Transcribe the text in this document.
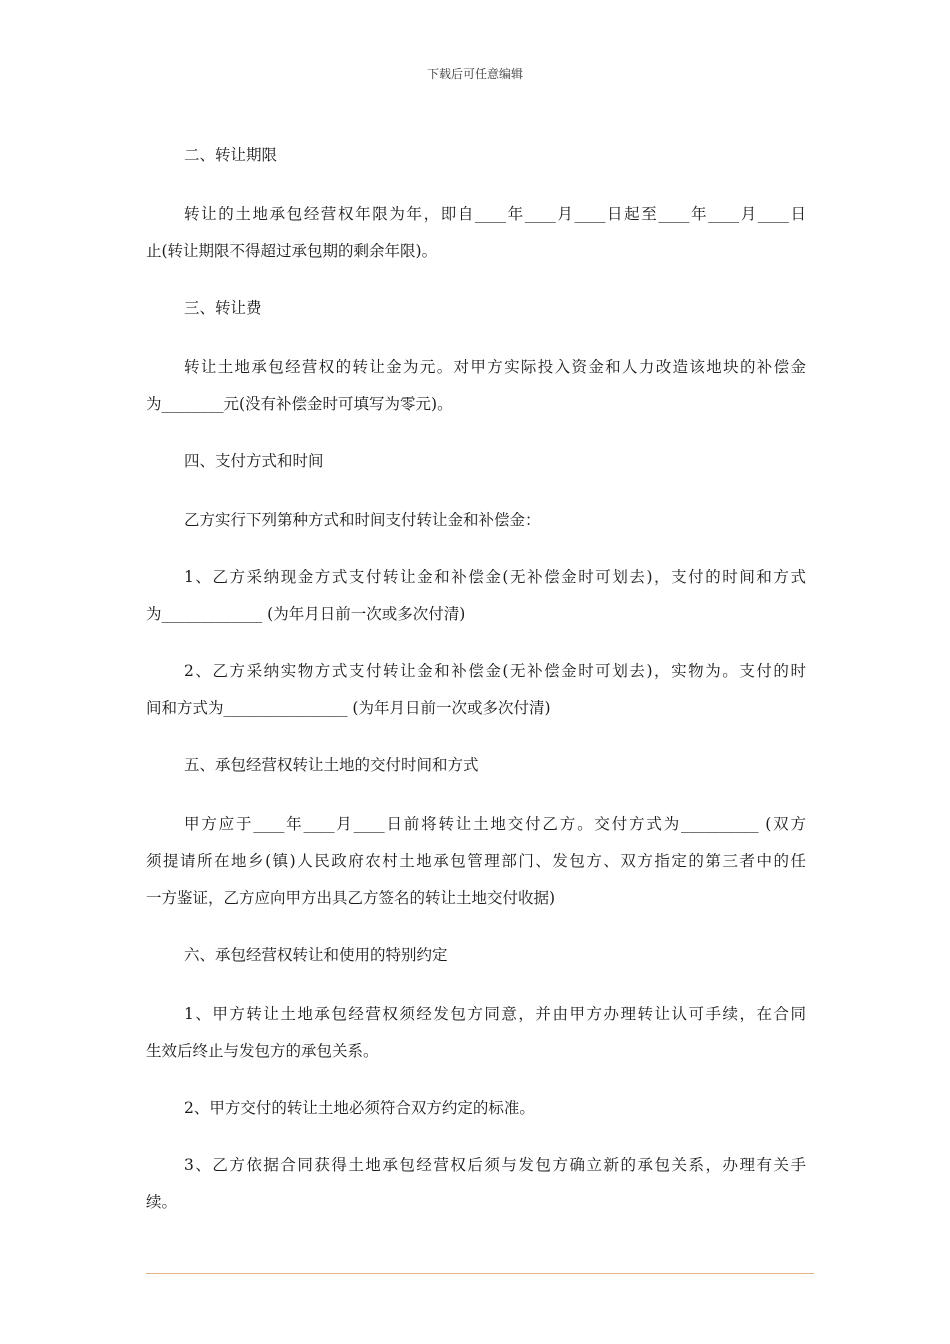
下载后可任意编辑
二、转让期限
转让的土地承包经营权年限为年，即自____年____月____日起至____年____月____日
止(转让期限不得超过承包期的剩余年限)。
三、转让费
转让土地承包经营权的转让金为元。对甲方实际投入资金和人力改造该地块的补偿金
为________元(没有补偿金时可填写为零元)。
四、支付方式和时间
乙方实行下列第种方式和时间支付转让金和补偿金：
1、乙方采纳现金方式支付转让金和补偿金(无补偿金时可划去)，支付的时间和方式
为_____________ (为年月日前一次或多次付清)
2、乙方采纳实物方式支付转让金和补偿金(无补偿金时可划去)，实物为。支付的时
间和方式为________________ (为年月日前一次或多次付清)
五、承包经营权转让土地的交付时间和方式
甲方应于____年____月____日前将转让土地交付乙方。交付方式为__________ (双方
须提请所在地乡(镇)人民政府农村土地承包管理部门、发包方、双方指定的第三者中的任
一方鉴证，乙方应向甲方出具乙方签名的转让土地交付收据)
六、承包经营权转让和使用的特别约定
1、甲方转让土地承包经营权须经发包方同意，并由甲方办理转让认可手续，在合同
生效后终止与发包方的承包关系。
2、甲方交付的转让土地必须符合双方约定的标准。
3、乙方依据合同获得土地承包经营权后须与发包方确立新的承包关系，办理有关手
续。
